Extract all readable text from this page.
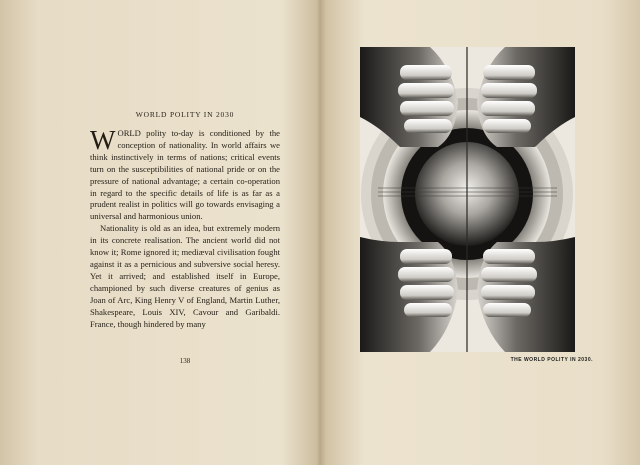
WORLD POLITY IN 2030

WORLD polity to-day is conditioned by the conception of nationality. In world affairs we think instinctively in terms of nations; critical events turn on the susceptibilities of national pride or on the pressure of national advantage; a certain co-operation in regard to the specific details of life is as far as a prudent realist in politics will go towards envisaging a universal and harmonious union.

Nationality is old as an idea, but extremely modern in its concrete realisation. The ancient world did not know it; Rome ignored it; mediæval civilisation fought against it as a pernicious and subversive social heresy. Yet it arrived; and established itself in Europe, championed by such diverse creatures of genius as Joan of Arc, King Henry V of England, Martin Luther, Shakespeare, Louis XIV, Cavour and Garibaldi. France, though hindered by many

138	THE WORLD POLITY IN 2030.
